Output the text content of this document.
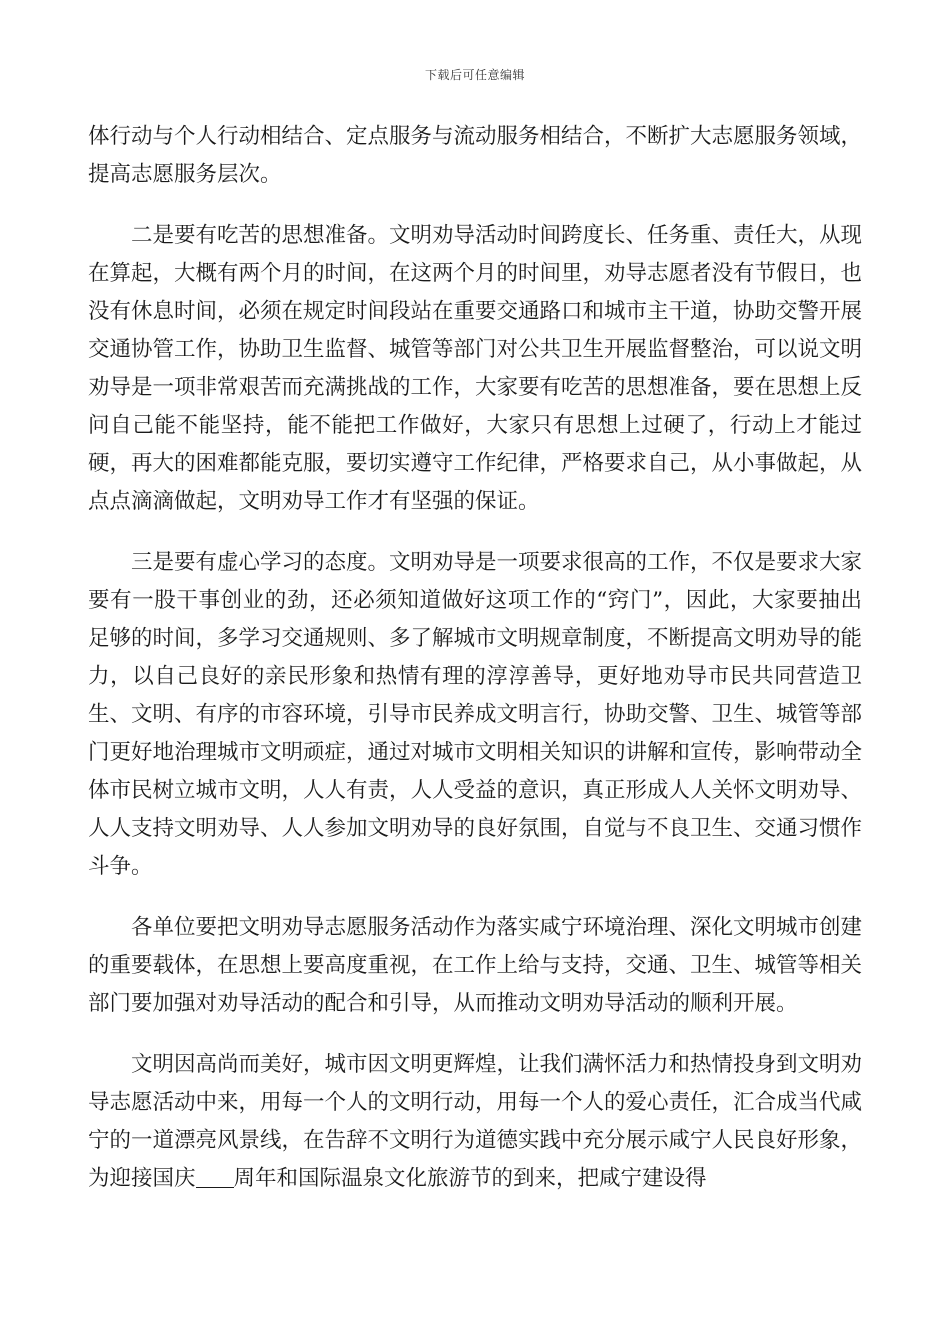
下载后可任意编辑

体行动与个人行动相结合、定点服务与流动服务相结合，不断扩大志愿服务领域，提高志愿服务层次。

二是要有吃苦的思想准备。文明劝导活动时间跨度长、任务重、责任大，从现在算起，大概有两个月的时间，在这两个月的时间里，劝导志愿者没有节假日，也没有休息时间，必须在规定时间段站在重要交通路口和城市主干道，协助交警开展交通协管工作，协助卫生监督、城管等部门对公共卫生开展监督整治，可以说文明劝导是一项非常艰苦而充满挑战的工作，大家要有吃苦的思想准备，要在思想上反问自己能不能坚持，能不能把工作做好，大家只有思想上过硬了，行动上才能过硬，再大的困难都能克服，要切实遵守工作纪律，严格要求自己，从小事做起，从点点滴滴做起，文明劝导工作才有坚强的保证。

三是要有虚心学习的态度。文明劝导是一项要求很高的工作，不仅是要求大家要有一股干事创业的劲，还必须知道做好这项工作的“窍门”，因此，大家要抽出足够的时间，多学习交通规则、多了解城市文明规章制度，不断提高文明劝导的能力，以自己良好的亲民形象和热情有理的淳淳善导，更好地劝导市民共同营造卫生、文明、有序的市容环境，引导市民养成文明言行，协助交警、卫生、城管等部门更好地治理城市文明顽症，通过对城市文明相关知识的讲解和宣传，影响带动全体市民树立城市文明，人人有责，人人受益的意识，真正形成人人关怀文明劝导、人人支持文明劝导、人人参加文明劝导的良好氛围，自觉与不良卫生、交通习惯作斗争。

各单位要把文明劝导志愿服务活动作为落实咸宁环境治理、深化文明城市创建的重要载体，在思想上要高度重视，在工作上给与支持，交通、卫生、城管等相关部门要加强对劝导活动的配合和引导，从而推动文明劝导活动的顺利开展。

文明因高尚而美好，城市因文明更辉煌，让我们满怀活力和热情投身到文明劝导志愿活动中来，用每一个人的文明行动，用每一个人的爱心责任，汇合成当代咸宁的一道漂亮风景线，在告辞不文明行为道德实践中充分展示咸宁人民良好形象，为迎接国庆 周年和国际温泉文化旅游节的到来，把咸宁建设得
